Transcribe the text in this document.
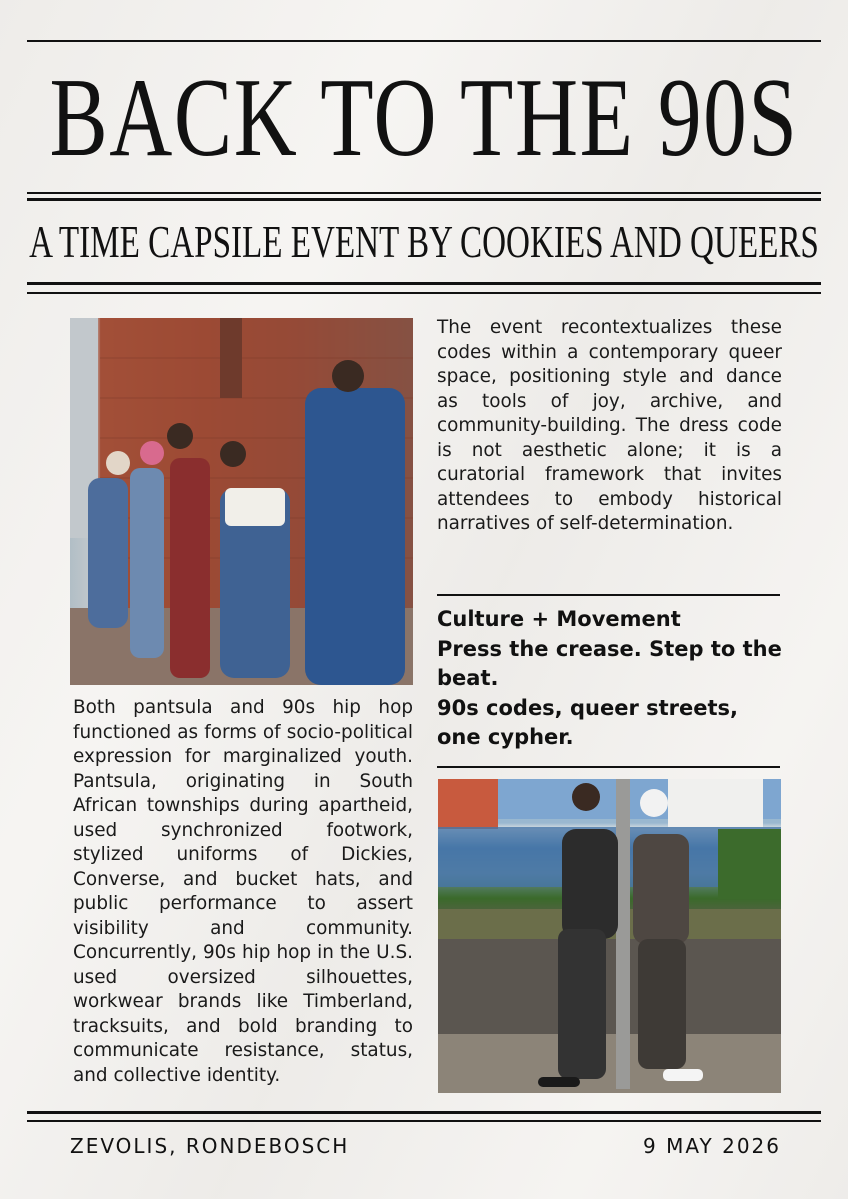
BACK TO THE 90S
A TIME CAPSILE EVENT BY COOKIES AND QUEERS

Both pantsula and 90s hip hop functioned as forms of socio-political expression for marginalized youth. Pantsula, originating in South African townships during apartheid, used synchronized footwork, stylized uniforms of Dickies, Converse, and bucket hats, and public performance to assert visibility and community. Concurrently, 90s hip hop in the U.S. used oversized silhouettes, workwear brands like Timberland, tracksuits, and bold branding to communicate resistance, status, and collective identity.

The event recontextualizes these codes within a contemporary queer space, positioning style and dance as tools of joy, archive, and community-building. The dress code is not aesthetic alone; it is a curatorial framework that invites attendees to embody historical narratives of self-determination.

Culture + Movement
Press the crease. Step to the beat.
90s codes, queer streets, one cypher.
ZEVOLIS, RONDEBOSCH	9 MAY 2026
